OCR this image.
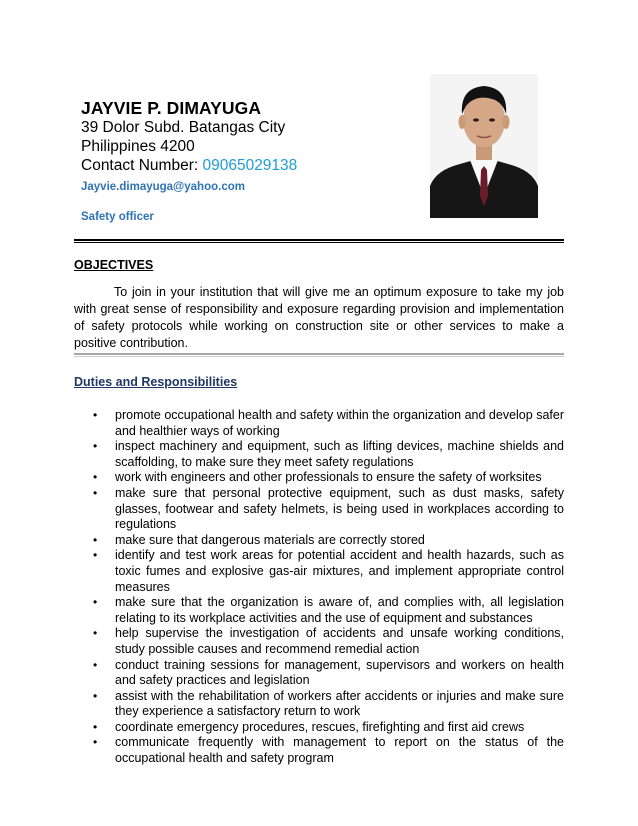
JAYVIE P. DIMAYUGA
39 Dolor Subd. Batangas City
Philippines 4200
Contact Number: 09065029138
Jayvie.dimayuga@yahoo.com
Safety officer
OBJECTIVES
To join in your institution that will give me an optimum exposure to take my job with great sense of responsibility and exposure regarding provision and implementation of safety protocols while working on construction site or other services to make a positive contribution.
Duties and Responsibilities
• promote occupational health and safety within the organization and develop safer and healthier ways of working
• inspect machinery and equipment, such as lifting devices, machine shields and scaffolding, to make sure they meet safety regulations
• work with engineers and other professionals to ensure the safety of worksites
• make sure that personal protective equipment, such as dust masks, safety glasses, footwear and safety helmets, is being used in workplaces according to regulations
• make sure that dangerous materials are correctly stored
• identify and test work areas for potential accident and health hazards, such as toxic fumes and explosive gas-air mixtures, and implement appropriate control measures
• make sure that the organization is aware of, and complies with, all legislation relating to its workplace activities and the use of equipment and substances
• help supervise the investigation of accidents and unsafe working conditions, study possible causes and recommend remedial action
• conduct training sessions for management, supervisors and workers on health and safety practices and legislation
• assist with the rehabilitation of workers after accidents or injuries and make sure they experience a satisfactory return to work
• coordinate emergency procedures, rescues, firefighting and first aid crews
• communicate frequently with management to report on the status of the occupational health and safety program
